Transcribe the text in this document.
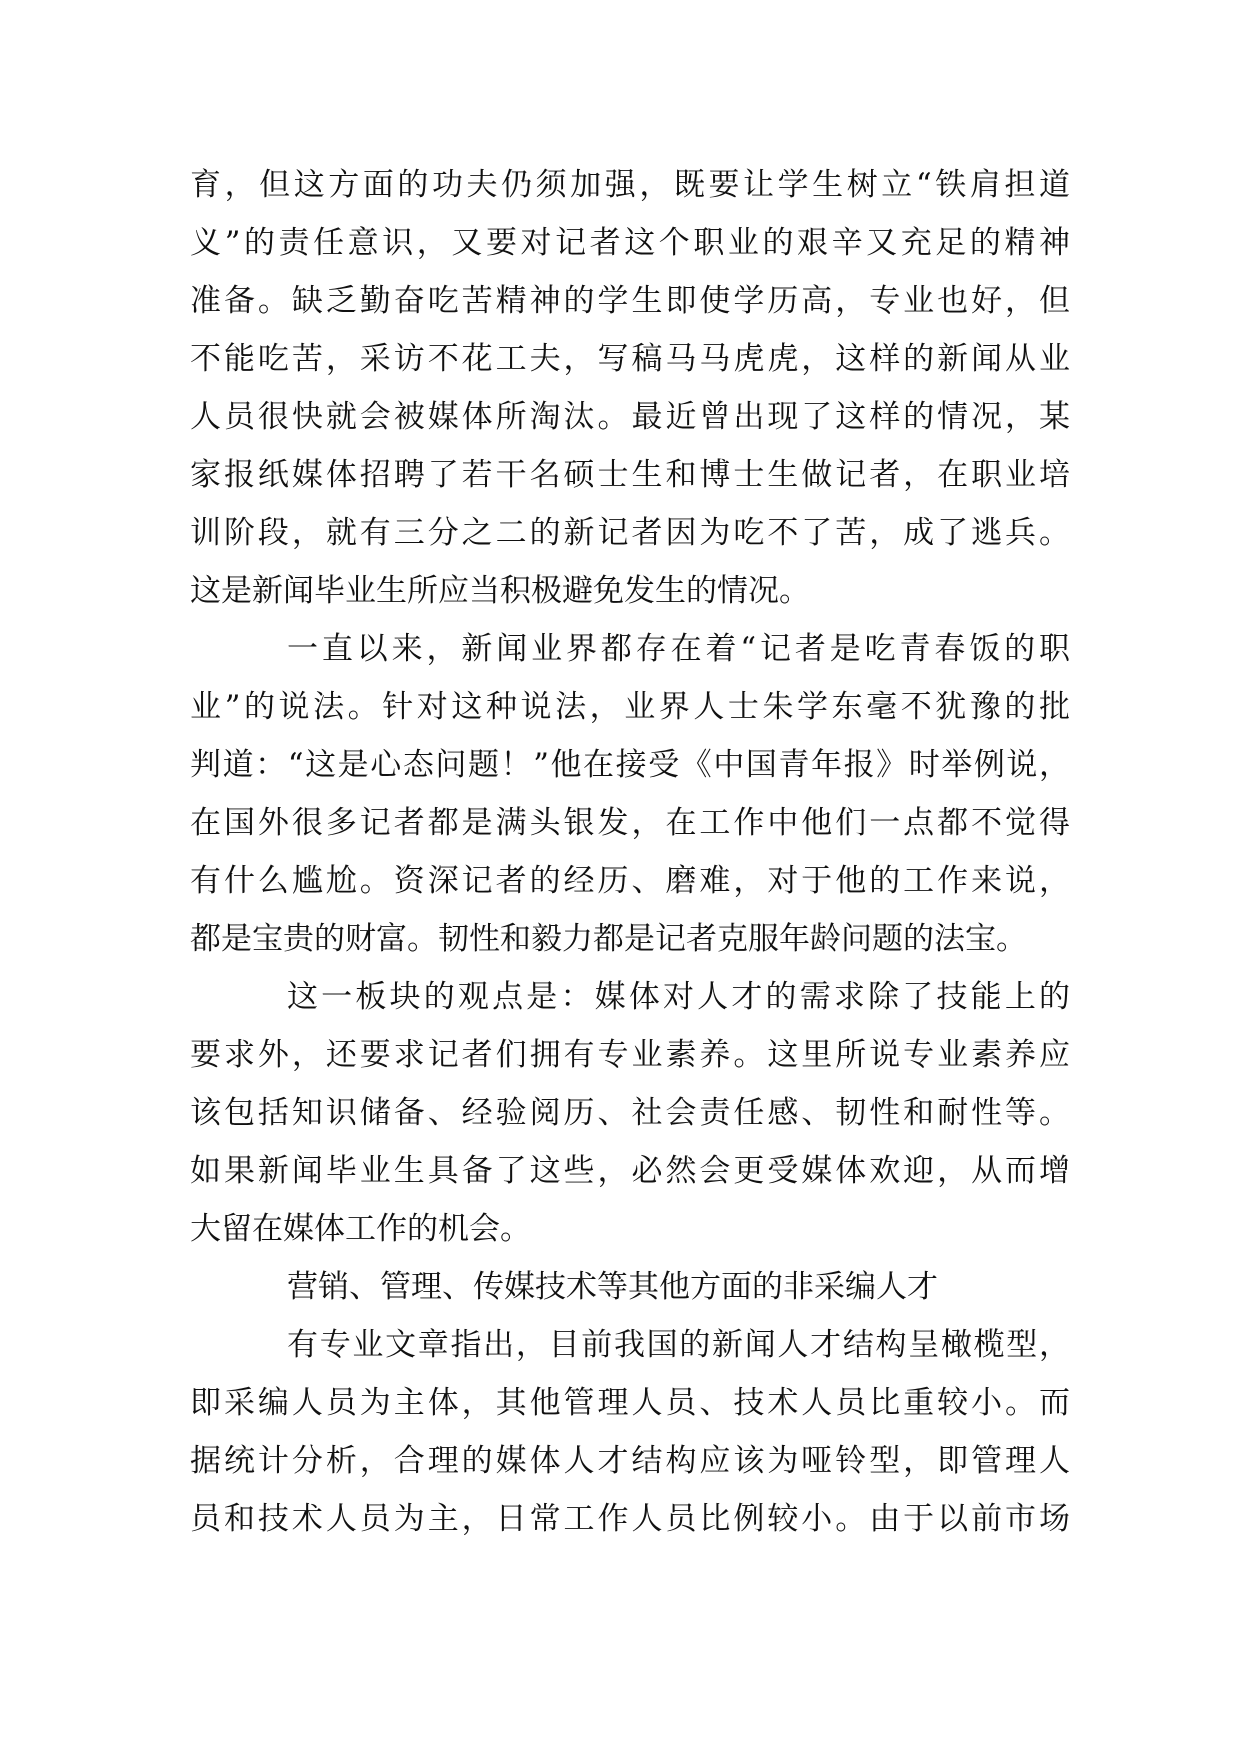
育，但这方面的功夫仍须加强，既要让学生树立“铁肩担道
义”的责任意识，又要对记者这个职业的艰辛又充足的精神
准备。缺乏勤奋吃苦精神的学生即使学历高，专业也好，但
不能吃苦，采访不花工夫，写稿马马虎虎，这样的新闻从业
人员很快就会被媒体所淘汰。最近曾出现了这样的情况，某
家报纸媒体招聘了若干名硕士生和博士生做记者，在职业培
训阶段，就有三分之二的新记者因为吃不了苦，成了逃兵。
这是新闻毕业生所应当积极避免发生的情况。
一直以来，新闻业界都存在着“记者是吃青春饭的职
业”的说法。针对这种说法，业界人士朱学东毫不犹豫的批
判道：“这是心态问题！”他在接受《中国青年报》时举例说，
在国外很多记者都是满头银发，在工作中他们一点都不觉得
有什么尴尬。资深记者的经历、磨难，对于他的工作来说，
都是宝贵的财富。韧性和毅力都是记者克服年龄问题的法宝。
这一板块的观点是：媒体对人才的需求除了技能上的
要求外，还要求记者们拥有专业素养。这里所说专业素养应
该包括知识储备、经验阅历、社会责任感、韧性和耐性等。
如果新闻毕业生具备了这些，必然会更受媒体欢迎，从而增
大留在媒体工作的机会。
营销、管理、传媒技术等其他方面的非采编人才
有专业文章指出，目前我国的新闻人才结构呈橄榄型，
即采编人员为主体，其他管理人员、技术人员比重较小。而
据统计分析，合理的媒体人才结构应该为哑铃型，即管理人
员和技术人员为主，日常工作人员比例较小。由于以前市场
